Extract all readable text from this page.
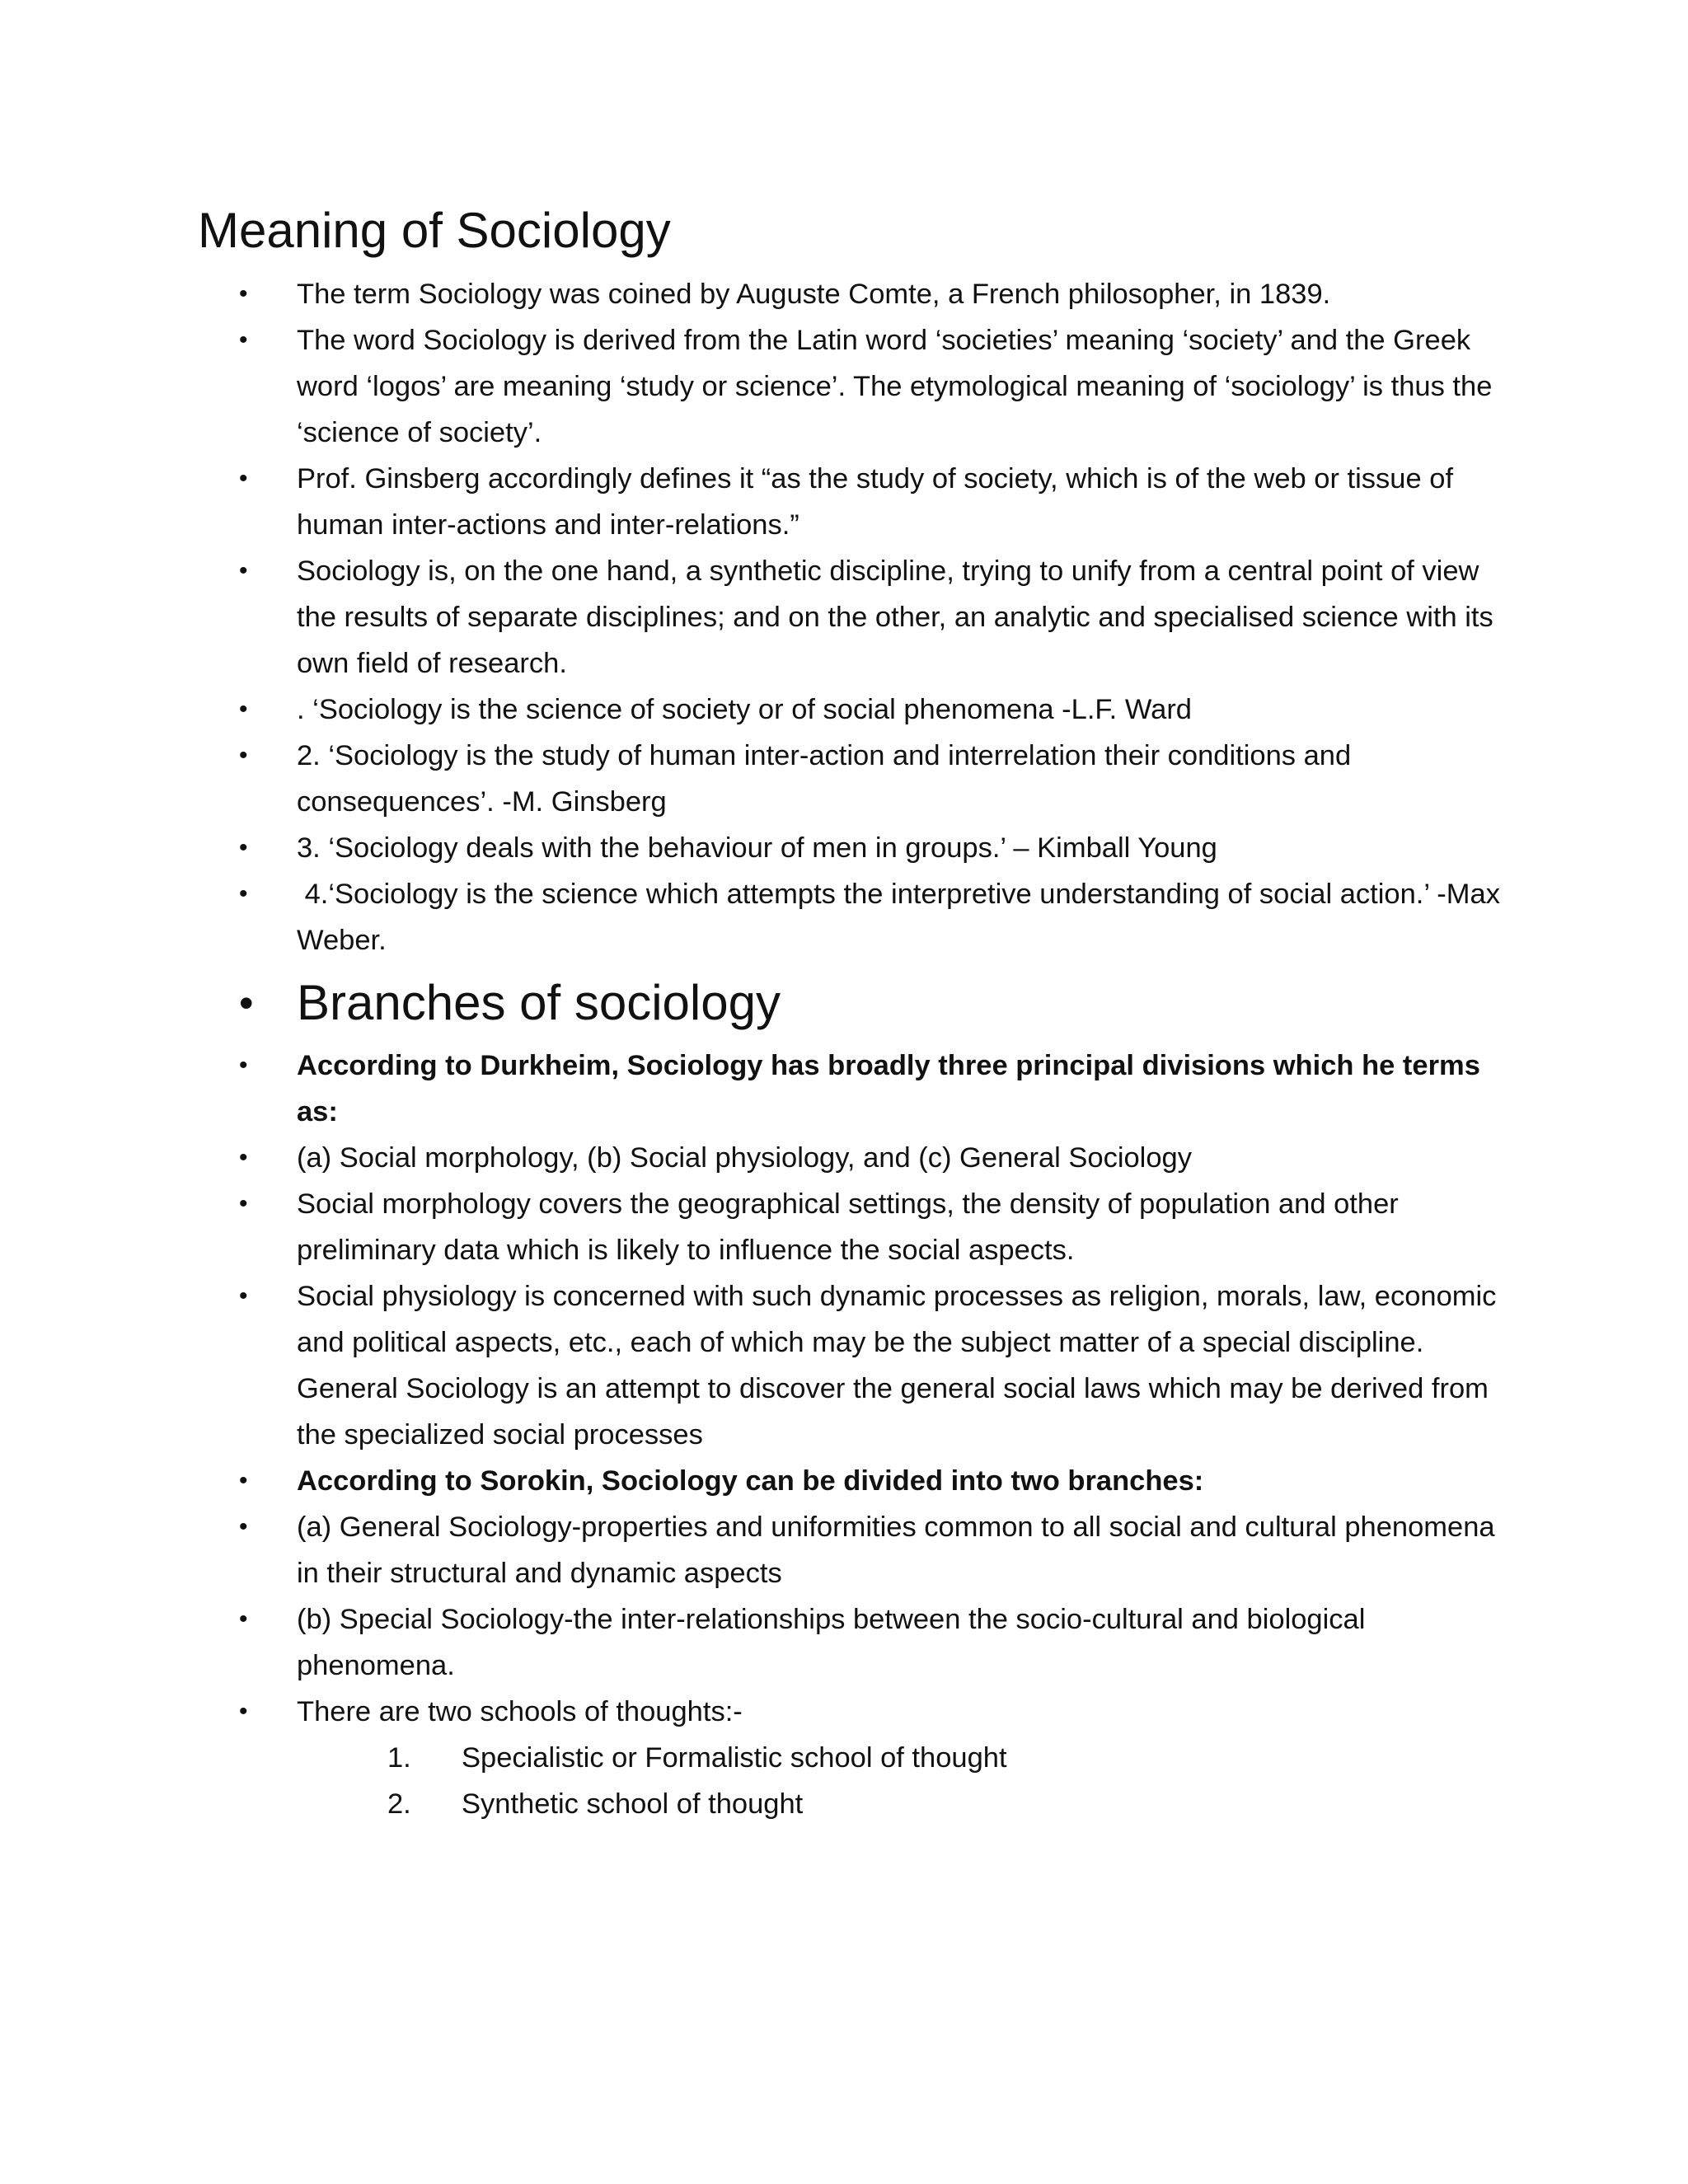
Meaning of Sociology
•	The term Sociology was coined by Auguste Comte, a French philosopher, in 1839.
•	The word Sociology is derived from the Latin word ‘societies’ meaning ‘society’ and the Greek word ‘logos’ are meaning ‘study or science’. The etymological meaning of ‘sociology’ is thus the ‘science of society’.
•	Prof. Ginsberg accordingly defines it “as the study of society, which is of the web or tissue of human inter-actions and inter-relations.”
•	Sociology is, on the one hand, a synthetic discipline, trying to unify from a central point of view the results of separate disciplines; and on the other, an analytic and specialised science with its own field of research.
•	. ‘Sociology is the science of society or of social phenomena -L.F. Ward
•	2. ‘Sociology is the study of human inter-action and interrelation their conditions and consequences’. -M. Ginsberg
•	3. ‘Sociology deals with the behaviour of men in groups.’ – Kimball Young
•	4.‘Sociology is the science which attempts the interpretive understanding of social action.’ -Max Weber.
• Branches of sociology
•	According to Durkheim, Sociology has broadly three principal divisions which he terms as:
•	(a) Social morphology, (b) Social physiology, and (c) General Sociology
•	Social morphology covers the geographical settings, the density of population and other preliminary data which is likely to influence the social aspects.
•	Social physiology is concerned with such dynamic processes as religion, morals, law, economic and political aspects, etc., each of which may be the subject matter of a special discipline.
General Sociology is an attempt to discover the general social laws which may be derived from the specialized social processes
•	According to Sorokin, Sociology can be divided into two branches:
•	(a) General Sociology-properties and uniformities common to all social and cultural phenomena in their structural and dynamic aspects
•	(b) Special Sociology-the inter-relationships between the socio-cultural and biological phenomena.
•	There are two schools of thoughts:-
1. Specialistic or Formalistic school of thought
2. Synthetic school of thought
